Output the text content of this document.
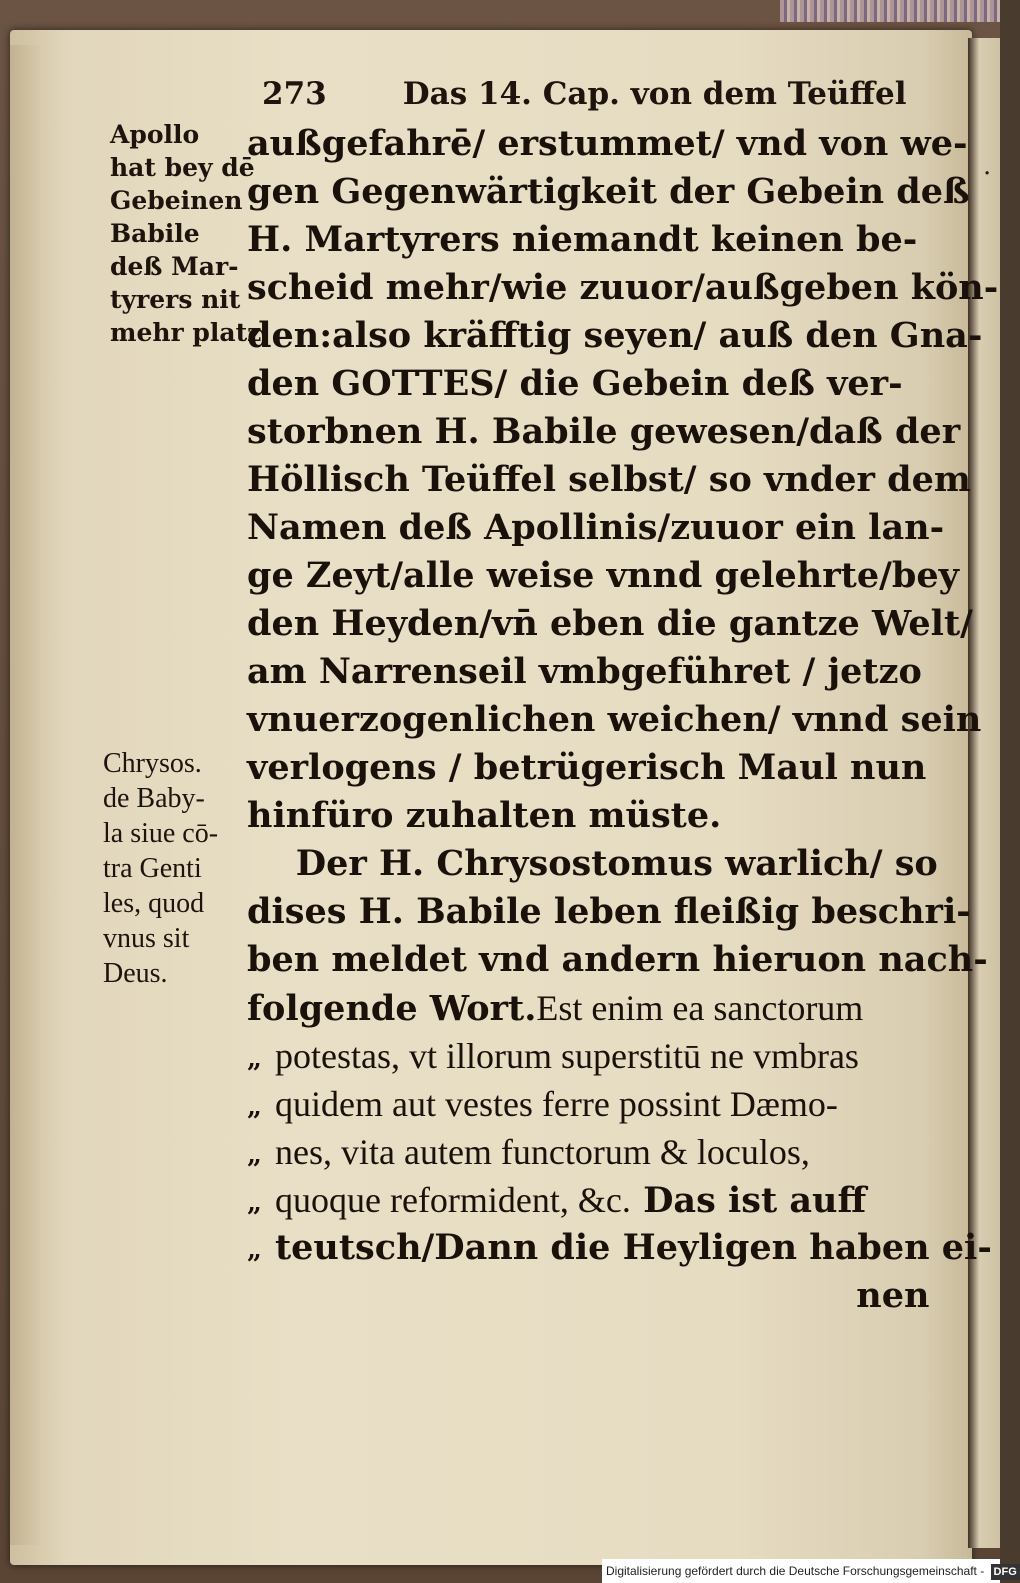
273 Das 14. Cap. von dem Teüffel
Apollo
hat bey dē
Gebeinen
Babile
deß Mar-
tyrers nit
mehr platz
Chrysos.
de Baby-
la siue cō-
tra Genti
les, quod
vnus sit
Deus.
außgefahrē/ erstummet/ vnd von we-
gen Gegenwärtigkeit der Gebein deß
H. Martyrers niemandt keinen be-
scheid mehr/wie zuuor/außgeben kön-
den:also kräfftig seyen/ auß den Gna-
den GOTTES/ die Gebein deß ver-
storbnen H. Babile gewesen/daß der
Höllisch Teüffel selbst/ so vnder dem
Namen deß Apollinis/zuuor ein lan-
ge Zeyt/alle weise vnnd gelehrte/bey
den Heyden/vn̄ eben die gantze Welt/
am Narrenseil vmbgeführet / jetzo
vnuerzogenlichen weichen/ vnnd sein
verlogens / betrügerisch Maul nun
hinfüro zuhalten müste.
Der H. Chrysostomus warlich/ so
dises H. Babile leben fleißig beschri-
ben meldet vnd andern hieruon nach-
folgende Wort.Est enim ea sanctorum
„ potestas, vt illorum superstitū ne vmbras
„ quidem aut vestes ferre possint Dæmo-
„ nes, vita autem functorum & loculos,
„ quoque reformident, &c. Das ist auff
„ teutsch/Dann die Heyligen haben ei-
nen
·
Digitalisierung gefördert durch die Deutsche Forschungsgemeinschaft - DFG
